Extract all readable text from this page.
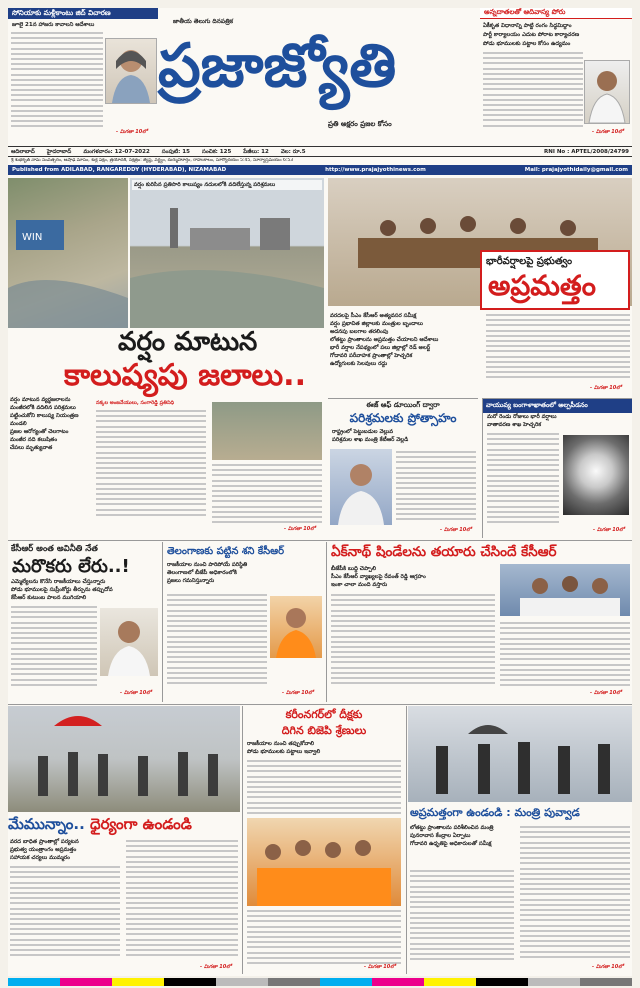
సోనియాకు మళ్లీకాంటు జిద్ విచారణ
జూలై 21న హాజరు కావాలని ఆదేశాలు
- మిగతా 10లో
జాతీయ తెలుగు దినపత్రిక
ప్రజాజ్యోతి
ప్రతి అక్షరం ప్రజల కోసం
అన్నదాతలతో ఆదివాస్య పోరు
ఏకీకృత విధానాన్ని పాట్టి రంగం సిద్ధమిద్దాం
పార్టీ కార్యాలయం ఎదుట పోరాట కార్యాచరణ
పోడు భూములకు పట్టాల కోసం ఉద్యమం
- మిగతా 10లో
ఆదిలాబాద్ హైదరాబాద్ మంగళవారం: 12-07-2022 సంపుటి: 15 సంచిక: 125 పేజీలు: 12 వెల: రూ.5	RNI No : APTEL/2008/24799
శ్రీ శుభకృత్ నామ సంవత్సరం, ఆషాఢ మాసం, శుక్ల పక్షం, త్రయోదశి, నక్షత్రం: జ్యేష్ఠ, వర్జ్యం, దుర్ముహూర్తం, రాహుకాలం, సూర్యోదయం 5:45, సూర్యాస్తమయం 6:53
Published from ADILABAD, RANGAREDDY (HYDERABAD), NIZAMABAD	http://www.prajajyothinews.com	Mail: prajajyothidaily@gmail.com
WIN
వర్షం కురిసిన ప్రతిసారి కాలుష్యం నదులలోకి వదిలేస్తున్న పరిశ్రమలు
వర్షం మాటున
కాలుష్యపు జలాలు..
వర్షం మాటున వ్యర్థజలాలను మంజీరలోకి వదిలిన పరిశ్రమలు
పట్టించుకోని కాలుష్య నియంత్రణ మండలి
ప్రజల ఆరోగ్యంతో చెలగాటం
మంజీర నది కలుషితం
చేపలు మృత్యువాత
నక్కల అంజనేయులు, సంగారెడ్డి ప్రతినిధి
- మిగతా 10లో
భారీవర్షాలపై ప్రభుత్వం
అప్రమత్తం
వరదలపై సీఎం కేసీఆర్ అత్యవసర సమీక్ష
వర్షం ప్రభావిత జిల్లాలకు మంత్రుల బృందాలు
అదనపు బలగాల తరలింపు
లోతట్టు ప్రాంతాలను అప్రమత్తం చేయాలని ఆదేశాలు
భారీ వర్షాల నేపథ్యంలో పలు జిల్లాల్లో రెడ్ అలర్ట్
గోదావరి పరీవాహక ప్రాంతాల్లో హెచ్చరిక
ఉద్యోగులకు సెలవులు రద్దు
- మిగతా 10లో
ఈజ్ ఆఫ్ డూయింగ్ ద్వారా
పరిశ్రమలకు ప్రోత్సాహం
రాష్ట్రంలో పెట్టుబడుల వెల్లువ
పరిశ్రమల శాఖ మంత్రి కేటీఆర్ వెల్లడి
- మిగతా 10లో
వాయువ్య బంగాళాఖాతంలో అల్పపీడనం
మరో రెండు రోజులు భారీ వర్షాలు
వాతావరణ శాఖ హెచ్చరిక
- మిగతా 10లో
కేసీఆర్ అంత అవినీతి నేత
మరొకరు లేరు..!
ఎమ్మెల్యేలను కొనేసి రాజకీయాలు చేస్తున్నారు
పోడు భూములపై సుప్రీంకోర్టు తీర్పును తప్పుదోవ
కేసీఆర్ కుటుంబ పాలన ముగియాలి
- మిగతా 10లో
తెలంగాణకు పట్టిన శని కేసీఆర్
రాజకీయాల నుంచి పారిపోయే పరిస్థితి
తెలంగాణలో బీజేపీ అధికారంలోకి
ప్రజలు గమనిస్తున్నారు
- మిగతా 10లో
ఏక్‌నాథ్ షిండేలను తయారు చేసిందే కేసీఆర్
బీజేపీకి బుద్ధి చెప్పాలి
సీఎం కేసీఆర్ వ్యాఖ్యలపై రేవంత్ రెడ్డి ఆగ్రహం
ఇంకా చాలా మంది వస్తారు
- మిగతా 10లో
మేమున్నాం.. ధైర్యంగా ఉండండి
వరద బాధిత ప్రాంతాల్లో పర్యటన
ప్రభుత్వ యంత్రాంగం అప్రమత్తం
సహాయక చర్యలు ముమ్మరం
- మిగతా 10లో
కరీంనగర్‌లో దీక్షకు
దిగిన బిజెపి శ్రేణులు
రాజకీయాల నుంచి తప్పుకోవాలి
పోడు భూములకు పట్టాలు ఇవ్వాలి
- మిగతా 10లో
అప్రమత్తంగా ఉండండి : మంత్రి పువ్వాడ
లోతట్టు ప్రాంతాలను పరిశీలించిన మంత్రి
పునరావాస కేంద్రాల ఏర్పాటు
గోదావరి ఉధృతిపై అధికారులతో సమీక్ష
- మిగతా 10లో
